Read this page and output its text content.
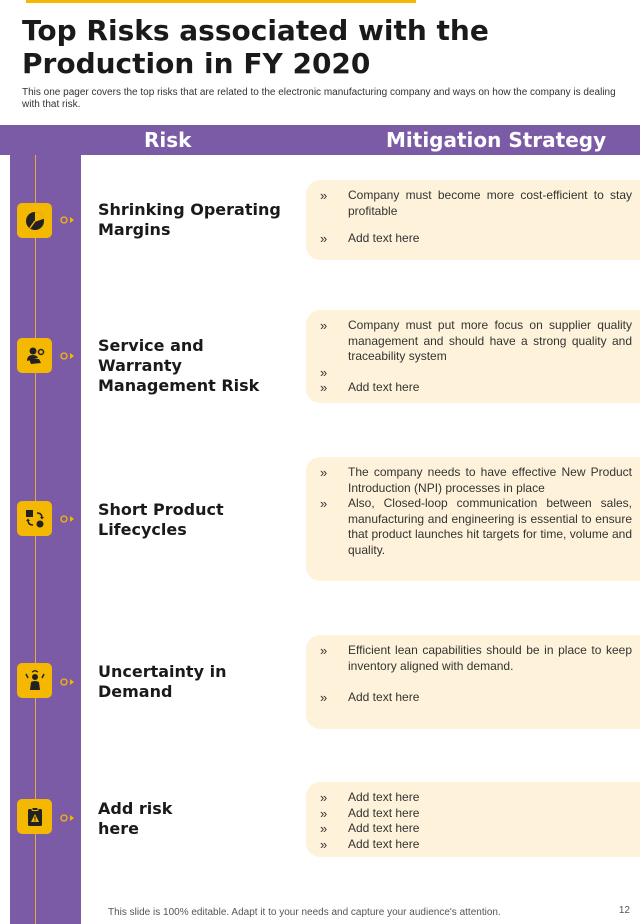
Top Risks associated with the Production in FY 2020
This one pager covers the top risks that are related to the electronic manufacturing company and ways on how the company is dealing with that risk.
Risk	Mitigation Strategy
Shrinking Operating Margins
» Company must become more cost-efficient to stay profitable
» Add text here
Service and Warranty Management Risk
» Company must put more focus on supplier quality management and should have a strong quality and traceability system
»
» Add text here
Short Product Lifecycles
» The company needs to have effective New Product Introduction (NPI) processes in place
» Also, Closed-loop communication between sales, manufacturing and engineering is essential to ensure that product launches hit targets for time, volume and quality.
Uncertainty in Demand
» Efficient lean capabilities should be in place to keep inventory aligned with demand.
» Add text here
Add risk here
» Add text here
» Add text here
» Add text here
» Add text here
This slide is 100% editable. Adapt it to your needs and capture your audience's attention.	12
